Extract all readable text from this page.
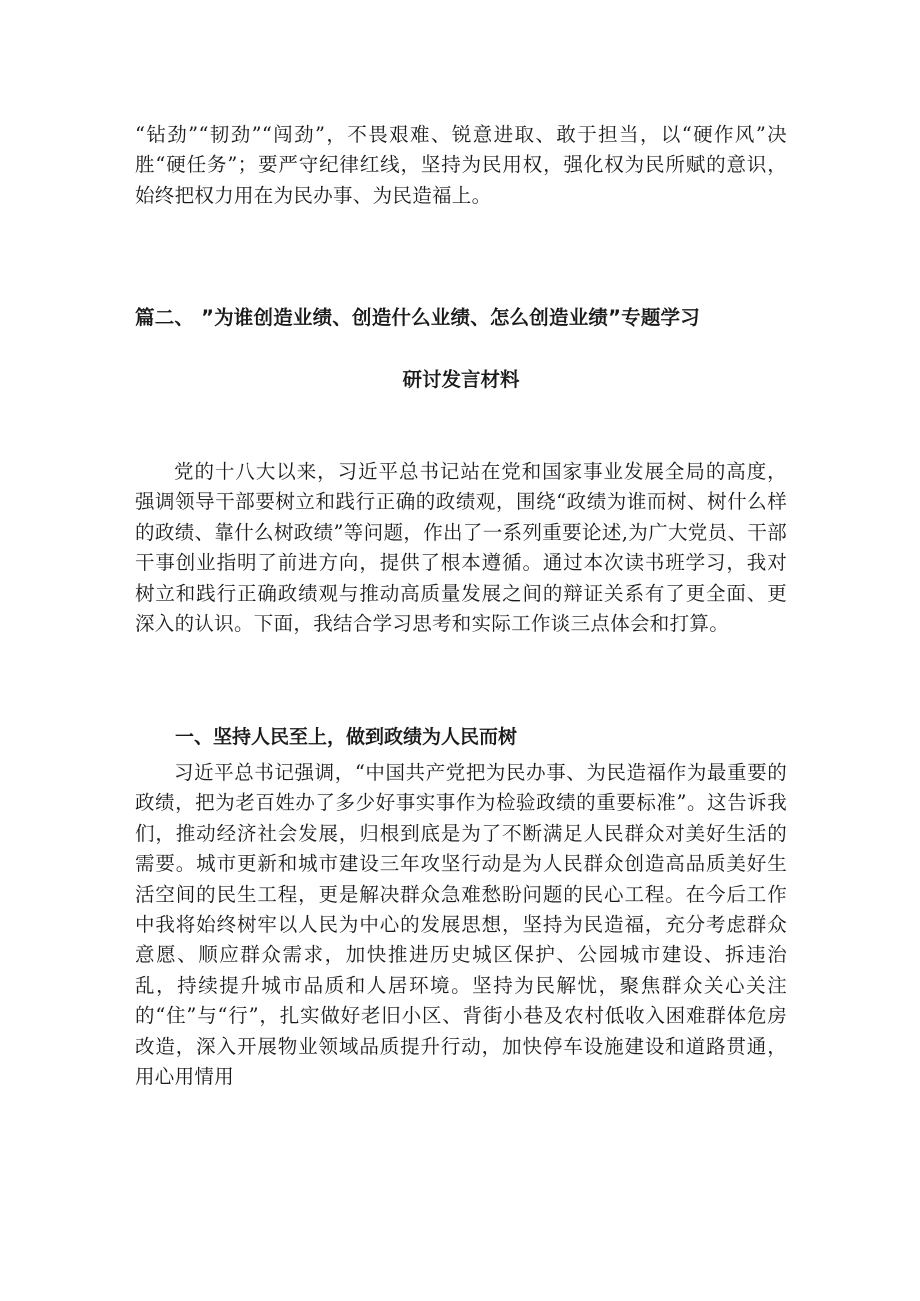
“钻劲”“韧劲”“闯劲”，不畏艰难、锐意进取、敢于担当，以“硬作风”决胜“硬任务”；要严守纪律红线，坚持为民用权，强化权为民所赋的意识，始终把权力用在为民办事、为民造福上。

篇二、 ”为谁创造业绩、创造什么业绩、怎么创造业绩”专题学习
研讨发言材料

党的十八大以来，习近平总书记站在党和国家事业发展全局的高度，强调领导干部要树立和践行正确的政绩观，围绕“政绩为谁而树、树什么样的政绩、靠什么树政绩”等问题，作出了一系列重要论述,为广大党员、干部干事创业指明了前进方向，提供了根本遵循。通过本次读书班学习，我对树立和践行正确政绩观与推动高质量发展之间的辩证关系有了更全面、更深入的认识。下面，我结合学习思考和实际工作谈三点体会和打算。

一、坚持人民至上，做到政绩为人民而树

习近平总书记强调，“中国共产党把为民办事、为民造福作为最重要的政绩，把为老百姓办了多少好事实事作为检验政绩的重要标准”。这告诉我们，推动经济社会发展，归根到底是为了不断满足人民群众对美好生活的需要。城市更新和城市建设三年攻坚行动是为人民群众创造高品质美好生活空间的民生工程，更是解决群众急难愁盼问题的民心工程。在今后工作中我将始终树牢以人民为中心的发展思想，坚持为民造福，充分考虑群众意愿、顺应群众需求，加快推进历史城区保护、公园城市建设、拆违治乱，持续提升城市品质和人居环境。坚持为民解忧，聚焦群众关心关注的“住”与“行”，扎实做好老旧小区、背街小巷及农村低收入困难群体危房改造，深入开展物业领域品质提升行动，加快停车设施建设和道路贯通，用心用情用
